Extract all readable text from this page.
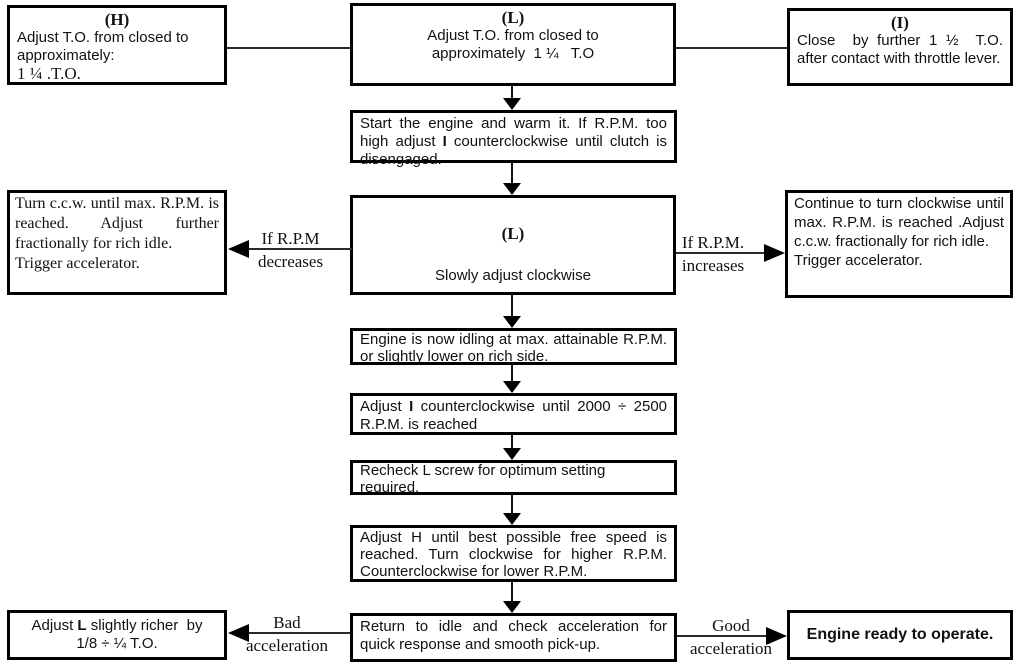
(H)
Adjust T.O. from closed to
approximately:
1 ¼ .T.O.
(L)
Adjust T.O. from closed to
approximately  1 ¼   T.O
(I)
Close  by further 1 ½  T.O. after contact with throttle lever.
Start the engine and warm it. If R.P.M. too high adjust I counterclockwise until clutch is disengaged.
Turn c.c.w. until max. R.P.M. is reached. Adjust further fractionally for rich idle.
Trigger accelerator.
(L)
Slowly adjust clockwise
Continue to turn clockwise until max. R.P.M. is reached .Adjust c.c.w. fractionally for rich idle.
Trigger accelerator.
Engine is now idling at max. attainable R.P.M. or slightly lower on rich side.
Adjust I counterclockwise until 2000 ÷ 2500 R.P.M. is reached
Recheck L screw for optimum setting required.
Adjust H until best possible free speed is reached. Turn clockwise for higher R.P.M. Counterclockwise for lower R.P.M.
Return to idle and check acceleration for quick response and smooth pick-up.
Adjust L slightly richer  by
1/8 ÷ ¼ T.O.
Engine ready to operate.
If R.P.M
decreases
If R.P.M.
increases
Bad
acceleration
Good
acceleration
